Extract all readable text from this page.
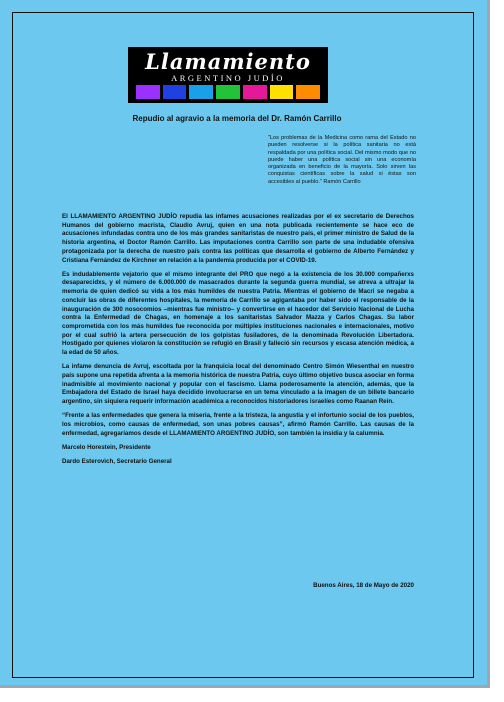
Llamamiento
ARGENTINO JUDÍO
Repudio al agravio a la memoria del Dr. Ramón Carrillo
“Los problemas de la Medicina como rama del Estado no pueden resolverse si la política sanitaria no está respaldada por una política social. Del mismo modo que no puede haber una política social sin una economía organizada en beneficio de la mayoría. Solo sirven las conquistas científicas sobre la salud si éstas son accesibles al pueblo.” Ramón Carrillo

El LLAMAMIENTO ARGENTINO JUDÍO repudia las infames acusaciones realizadas por el ex secretario de Derechos Humanos del gobierno macrista, Claudio Avruj, quien en una nota publicada recientemente se hace eco de acusaciones infundadas contra uno de los más grandes sanitaristas de nuestro país, el primer ministro de Salud de la historia argentina, el Doctor Ramón Carrillo. Las imputaciones contra Carrillo son parte de una indudable ofensiva protagonizada por la derecha de nuestro país contra las políticas que desarrolla el gobierno de Alberto Fernández y Cristiana Fernández de Kirchner en relación a la pandemia producida por el COVID-19.

Es indudablemente vejatorio que el mismo integrante del PRO que negó a la existencia de los 30.000 compañerxs desaparecidxs, y el número de 6.000.000 de masacrados durante la segunda guerra mundial, se atreva a ultrajar la memoria de quien dedicó su vida a los más humildes de nuestra Patria. Mientras el gobierno de Macri se negaba a concluir las obras de diferentes hospitales, la memoria de Carrillo se agigantaba por haber sido el responsable de la inauguración de 300 nosocomios –mientras fue ministro– y convertirse en el hacedor del Servicio Nacional de Lucha contra la Enfermedad de Chagas, en homenaje a los sanitaristas Salvador Mazza y Carlos Chagas. Su labor comprometida con los más humildes fue reconocida por múltiples instituciones nacionales e internacionales, motivo por el cual sufrió la artera persecución de los golpistas fusiladores, de la denominada Revolución Libertadora. Hostigado por quienes violaron la constitución se refugió en Brasil y falleció sin recursos y escasa atención médica, a la edad de 50 años.

La infame denuncia de Avruj, escoltada por la franquicia local del denominado Centro Simón Wiesenthal en nuestro país supone una repetida afrenta a la memoria histórica de nuestra Patria, cuyo último objetivo busca asociar en forma inadmisible al movimiento nacional y popular con el fascismo. Llama poderosamente la atención, además, que la Embajadora del Estado de Israel haya decidido involucrarse en un tema vinculado a la imagen de un billete bancario argentino, sin siquiera requerir información académica a reconocidos historiadores israelíes como Raanan Rein.

“Frente a las enfermedades que genera la miseria, frente a la tristeza, la angustia y el infortunio social de los pueblos, los microbios, como causas de enfermedad, son unas pobres causas”, afirmó Ramón Carrillo. Las causas de la enfermedad, agregaríamos desde el LLAMAMIENTO ARGENTINO JUDÍO, son también la insidia y la calumnia.

Marcelo Horestein, Presidente

Dardo Esterovich, Secretario General

Buenos Aires, 18 de Mayo de 2020
